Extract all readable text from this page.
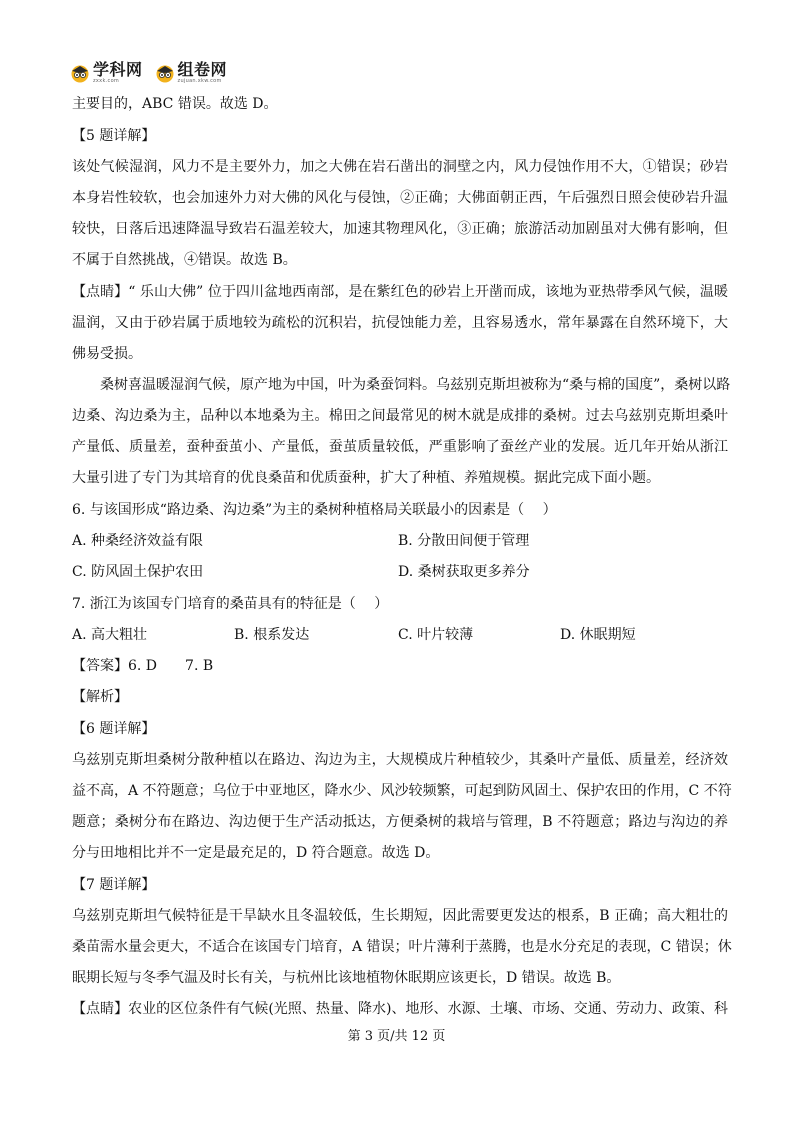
学科网
zxxk.com
组卷网
zujuan.xkw.com
主要目的，ABC 错误。故选 D。
【5 题详解】
该处气候湿润，风力不是主要外力，加之大佛在岩石凿出的洞壁之内，风力侵蚀作用不大，①错误；砂岩
本身岩性较软，也会加速外力对大佛的风化与侵蚀，②正确；大佛面朝正西，午后强烈日照会使砂岩升温
较快，日落后迅速降温导致岩石温差较大，加速其物理风化，③正确；旅游活动加剧虽对大佛有影响，但
不属于自然挑战，④错误。故选 B。
【点睛】“ 乐山大佛” 位于四川盆地西南部，是在紫红色的砂岩上开凿而成，该地为亚热带季风气候，温暖
温润，又由于砂岩属于质地较为疏松的沉积岩，抗侵蚀能力差，且容易透水，常年暴露在自然环境下，大
佛易受损。
桑树喜温暖湿润气候，原产地为中国，叶为桑蚕饲料。乌兹别克斯坦被称为“桑与棉的国度”，桑树以路
边桑、沟边桑为主，品种以本地桑为主。棉田之间最常见的树木就是成排的桑树。过去乌兹别克斯坦桑叶
产量低、质量差，蚕种蚕茧小、产量低，蚕茧质量较低，严重影响了蚕丝产业的发展。近几年开始从浙江
大量引进了专门为其培育的优良桑苗和优质蚕种，扩大了种植、养殖规模。据此完成下面小题。
6. 与该国形成“路边桑、沟边桑”为主的桑树种植格局关联最小的因素是（　 ）
A. 种桑经济效益有限	B. 分散田间便于管理
C. 防风固土保护农田	D. 桑树获取更多养分
7. 浙江为该国专门培育的桑苗具有的特征是（　 ）
A. 高大粗壮	B. 根系发达	C. 叶片较薄	D. 休眠期短
【答案】6. D　　7. B
【解析】
【6 题详解】
乌兹别克斯坦桑树分散种植以在路边、沟边为主，大规模成片种植较少，其桑叶产量低、质量差，经济效
益不高，A 不符题意；乌位于中亚地区，降水少、风沙较频繁，可起到防风固土、保护农田的作用，C 不符
题意；桑树分布在路边、沟边便于生产活动抵达，方便桑树的栽培与管理，B 不符题意；路边与沟边的养
分与田地相比并不一定是最充足的，D 符合题意。故选 D。
【7 题详解】
乌兹别克斯坦气候特征是干旱缺水且冬温较低，生长期短，因此需要更发达的根系，B 正确；高大粗壮的
桑苗需水量会更大，不适合在该国专门培育，A 错误；叶片薄利于蒸腾，也是水分充足的表现，C 错误；休
眠期长短与冬季气温及时长有关，与杭州比该地植物休眠期应该更长，D 错误。故选 B。
【点睛】农业的区位条件有气候(光照、热量、降水)、地形、水源、土壤、市场、交通、劳动力、政策、科
第 3 页/共 12 页
